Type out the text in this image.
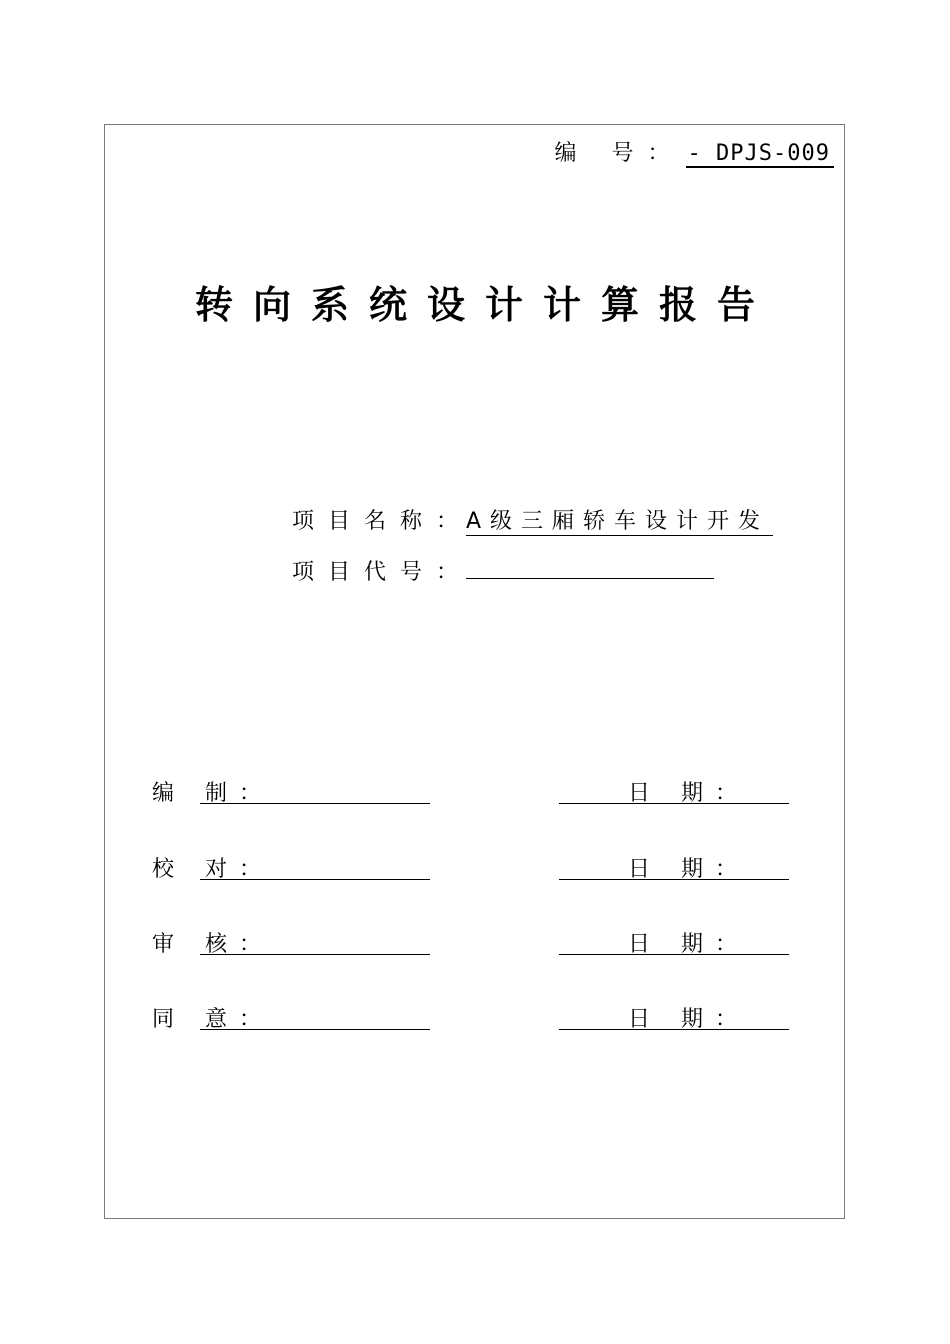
编 号： - DPJS-009
转向系统设计计算报告
项目名称：
A级三厢轿车设计开发
项目代号：
编 制：	日 期：
校 对：	日 期：
审 核：	日 期：
同 意：	日 期：
